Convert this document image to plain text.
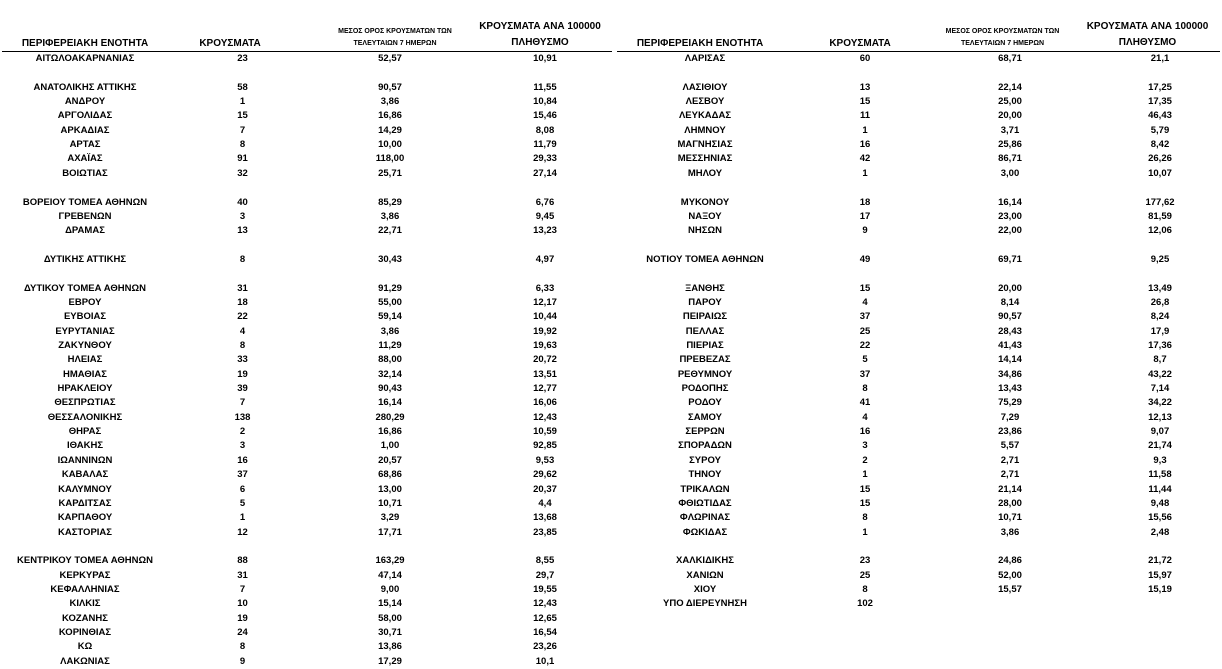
ΠΕΡΙΦΕΡΕΙΑΚΗ ΕΝΟΤΗΤΑ	ΚΡΟΥΣΜΑΤΑ
ΜΕΣΟΣ ΟΡΟΣ ΚΡΟΥΣΜΑΤΩΝ ΤΩΝ
ΤΕΛΕΥΤΑΙΩΝ 7 ΗΜΕΡΩΝ
ΚΡΟΥΣΜΑΤΑ ΑΝΑ 100000
ΠΛΗΘΥΣΜΟ
ΑΙΤΩΛΟΑΚΑΡΝΑΝΙΑΣ	23	52,57	10,91
ΑΝΑΤΟΛΙΚΗΣ ΑΤΤΙΚΗΣ	58	90,57	11,55
ΑΝΔΡΟΥ	1	3,86	10,84
ΑΡΓΟΛΙΔΑΣ	15	16,86	15,46
ΑΡΚΑΔΙΑΣ	7	14,29	8,08
ΑΡΤΑΣ	8	10,00	11,79
ΑΧΑΪΑΣ	91	118,00	29,33
ΒΟΙΩΤΙΑΣ	32	25,71	27,14
ΒΟΡΕΙΟΥ ΤΟΜΕΑ ΑΘΗΝΩΝ	40	85,29	6,76
ΓΡΕΒΕΝΩΝ	3	3,86	9,45
ΔΡΑΜΑΣ	13	22,71	13,23
ΔΥΤΙΚΗΣ ΑΤΤΙΚΗΣ	8	30,43	4,97
ΔΥΤΙΚΟΥ ΤΟΜΕΑ ΑΘΗΝΩΝ	31	91,29	6,33
ΕΒΡΟΥ	18	55,00	12,17
ΕΥΒΟΙΑΣ	22	59,14	10,44
ΕΥΡΥΤΑΝΙΑΣ	4	3,86	19,92
ΖΑΚΥΝΘΟΥ	8	11,29	19,63
ΗΛΕΙΑΣ	33	88,00	20,72
ΗΜΑΘΙΑΣ	19	32,14	13,51
ΗΡΑΚΛΕΙΟΥ	39	90,43	12,77
ΘΕΣΠΡΩΤΙΑΣ	7	16,14	16,06
ΘΕΣΣΑΛΟΝΙΚΗΣ	138	280,29	12,43
ΘΗΡΑΣ	2	16,86	10,59
ΙΘΑΚΗΣ	3	1,00	92,85
ΙΩΑΝΝΙΝΩΝ	16	20,57	9,53
ΚΑΒΑΛΑΣ	37	68,86	29,62
ΚΑΛΥΜΝΟΥ	6	13,00	20,37
ΚΑΡΔΙΤΣΑΣ	5	10,71	4,4
ΚΑΡΠΑΘΟΥ	1	3,29	13,68
ΚΑΣΤΟΡΙΑΣ	12	17,71	23,85
ΚΕΝΤΡΙΚΟΥ ΤΟΜΕΑ ΑΘΗΝΩΝ	88	163,29	8,55
ΚΕΡΚΥΡΑΣ	31	47,14	29,7
ΚΕΦΑΛΛΗΝΙΑΣ	7	9,00	19,55
ΚΙΛΚΙΣ	10	15,14	12,43
ΚΟΖΑΝΗΣ	19	58,00	12,65
ΚΟΡΙΝΘΙΑΣ	24	30,71	16,54
ΚΩ	8	13,86	23,26
ΛΑΚΩΝΙΑΣ	9	17,29	10,1
ΠΕΡΙΦΕΡΕΙΑΚΗ ΕΝΟΤΗΤΑ	ΚΡΟΥΣΜΑΤΑ
ΜΕΣΟΣ ΟΡΟΣ ΚΡΟΥΣΜΑΤΩΝ ΤΩΝ
ΤΕΛΕΥΤΑΙΩΝ 7 ΗΜΕΡΩΝ
ΚΡΟΥΣΜΑΤΑ ΑΝΑ 100000
ΠΛΗΘΥΣΜΟ
ΛΑΡΙΣΑΣ	60	68,71	21,1
ΛΑΣΙΘΙΟΥ	13	22,14	17,25
ΛΕΣΒΟΥ	15	25,00	17,35
ΛΕΥΚΑΔΑΣ	11	20,00	46,43
ΛΗΜΝΟΥ	1	3,71	5,79
ΜΑΓΝΗΣΙΑΣ	16	25,86	8,42
ΜΕΣΣΗΝΙΑΣ	42	86,71	26,26
ΜΗΛΟΥ	1	3,00	10,07
ΜΥΚΟΝΟΥ	18	16,14	177,62
ΝΑΞΟΥ	17	23,00	81,59
ΝΗΣΩΝ	9	22,00	12,06
ΝΟΤΙΟΥ ΤΟΜΕΑ ΑΘΗΝΩΝ	49	69,71	9,25
ΞΑΝΘΗΣ	15	20,00	13,49
ΠΑΡΟΥ	4	8,14	26,8
ΠΕΙΡΑΙΩΣ	37	90,57	8,24
ΠΕΛΛΑΣ	25	28,43	17,9
ΠΙΕΡΙΑΣ	22	41,43	17,36
ΠΡΕΒΕΖΑΣ	5	14,14	8,7
ΡΕΘΥΜΝΟΥ	37	34,86	43,22
ΡΟΔΟΠΗΣ	8	13,43	7,14
ΡΟΔΟΥ	41	75,29	34,22
ΣΑΜΟΥ	4	7,29	12,13
ΣΕΡΡΩΝ	16	23,86	9,07
ΣΠΟΡΑΔΩΝ	3	5,57	21,74
ΣΥΡΟΥ	2	2,71	9,3
ΤΗΝΟΥ	1	2,71	11,58
ΤΡΙΚΑΛΩΝ	15	21,14	11,44
ΦΘΙΩΤΙΔΑΣ	15	28,00	9,48
ΦΛΩΡΙΝΑΣ	8	10,71	15,56
ΦΩΚΙΔΑΣ	1	3,86	2,48
ΧΑΛΚΙΔΙΚΗΣ	23	24,86	21,72
ΧΑΝΙΩΝ	25	52,00	15,97
ΧΙΟΥ	8	15,57	15,19
ΥΠΟ ΔΙΕΡΕΥΝΗΣΗ	102
